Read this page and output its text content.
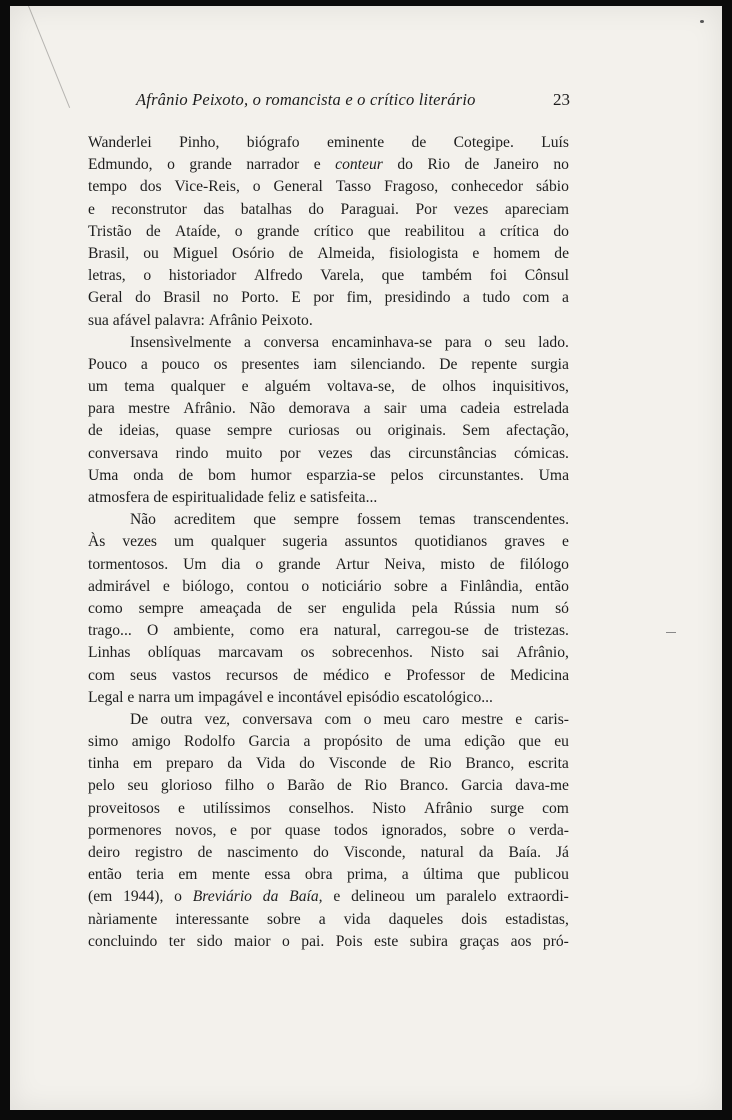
Afrânio Peixoto, o romancista e o crítico literário	23
Wanderlei Pinho, biógrafo eminente de Cotegipe. Luís
Edmundo, o grande narrador e conteur do Rio de Janeiro no
tempo dos Vice-Reis, o General Tasso Fragoso, conhecedor sábio
e reconstrutor das batalhas do Paraguai. Por vezes apareciam
Tristão de Ataíde, o grande crítico que reabilitou a crítica do
Brasil, ou Miguel Osório de Almeida, fisiologista e homem de
letras, o historiador Alfredo Varela, que também foi Cônsul
Geral do Brasil no Porto. E por fim, presidindo a tudo com a
sua afável palavra: Afrânio Peixoto.
Insensìvelmente a conversa encaminhava-se para o seu lado.
Pouco a pouco os presentes iam silenciando. De repente surgia
um tema qualquer e alguém voltava-se, de olhos inquisitivos,
para mestre Afrânio. Não demorava a sair uma cadeia estrelada
de ideias, quase sempre curiosas ou originais. Sem afectação,
conversava rindo muito por vezes das circunstâncias cómicas.
Uma onda de bom humor esparzia-se pelos circunstantes. Uma
atmosfera de espiritualidade feliz e satisfeita...
Não acreditem que sempre fossem temas transcendentes.
Às vezes um qualquer sugeria assuntos quotidianos graves e
tormentosos. Um dia o grande Artur Neiva, misto de filólogo
admirável e biólogo, contou o noticiário sobre a Finlândia, então
como sempre ameaçada de ser engulida pela Rússia num só
trago... O ambiente, como era natural, carregou-se de tristezas.
Linhas oblíquas marcavam os sobrecenhos. Nisto sai Afrânio,
com seus vastos recursos de médico e Professor de Medicina
Legal e narra um impagável e incontável episódio escatológico...
De outra vez, conversava com o meu caro mestre e caris-
simo amigo Rodolfo Garcia a propósito de uma edição que eu
tinha em preparo da Vida do Visconde de Rio Branco, escrita
pelo seu glorioso filho o Barão de Rio Branco. Garcia dava-me
proveitosos e utilíssimos conselhos. Nisto Afrânio surge com
pormenores novos, e por quase todos ignorados, sobre o verda-
deiro registro de nascimento do Visconde, natural da Baía. Já
então teria em mente essa obra prima, a última que publicou
(em 1944), o Breviário da Baía, e delineou um paralelo extraordi-
nàriamente interessante sobre a vida daqueles dois estadistas,
concluindo ter sido maior o pai. Pois este subira graças aos pró-
